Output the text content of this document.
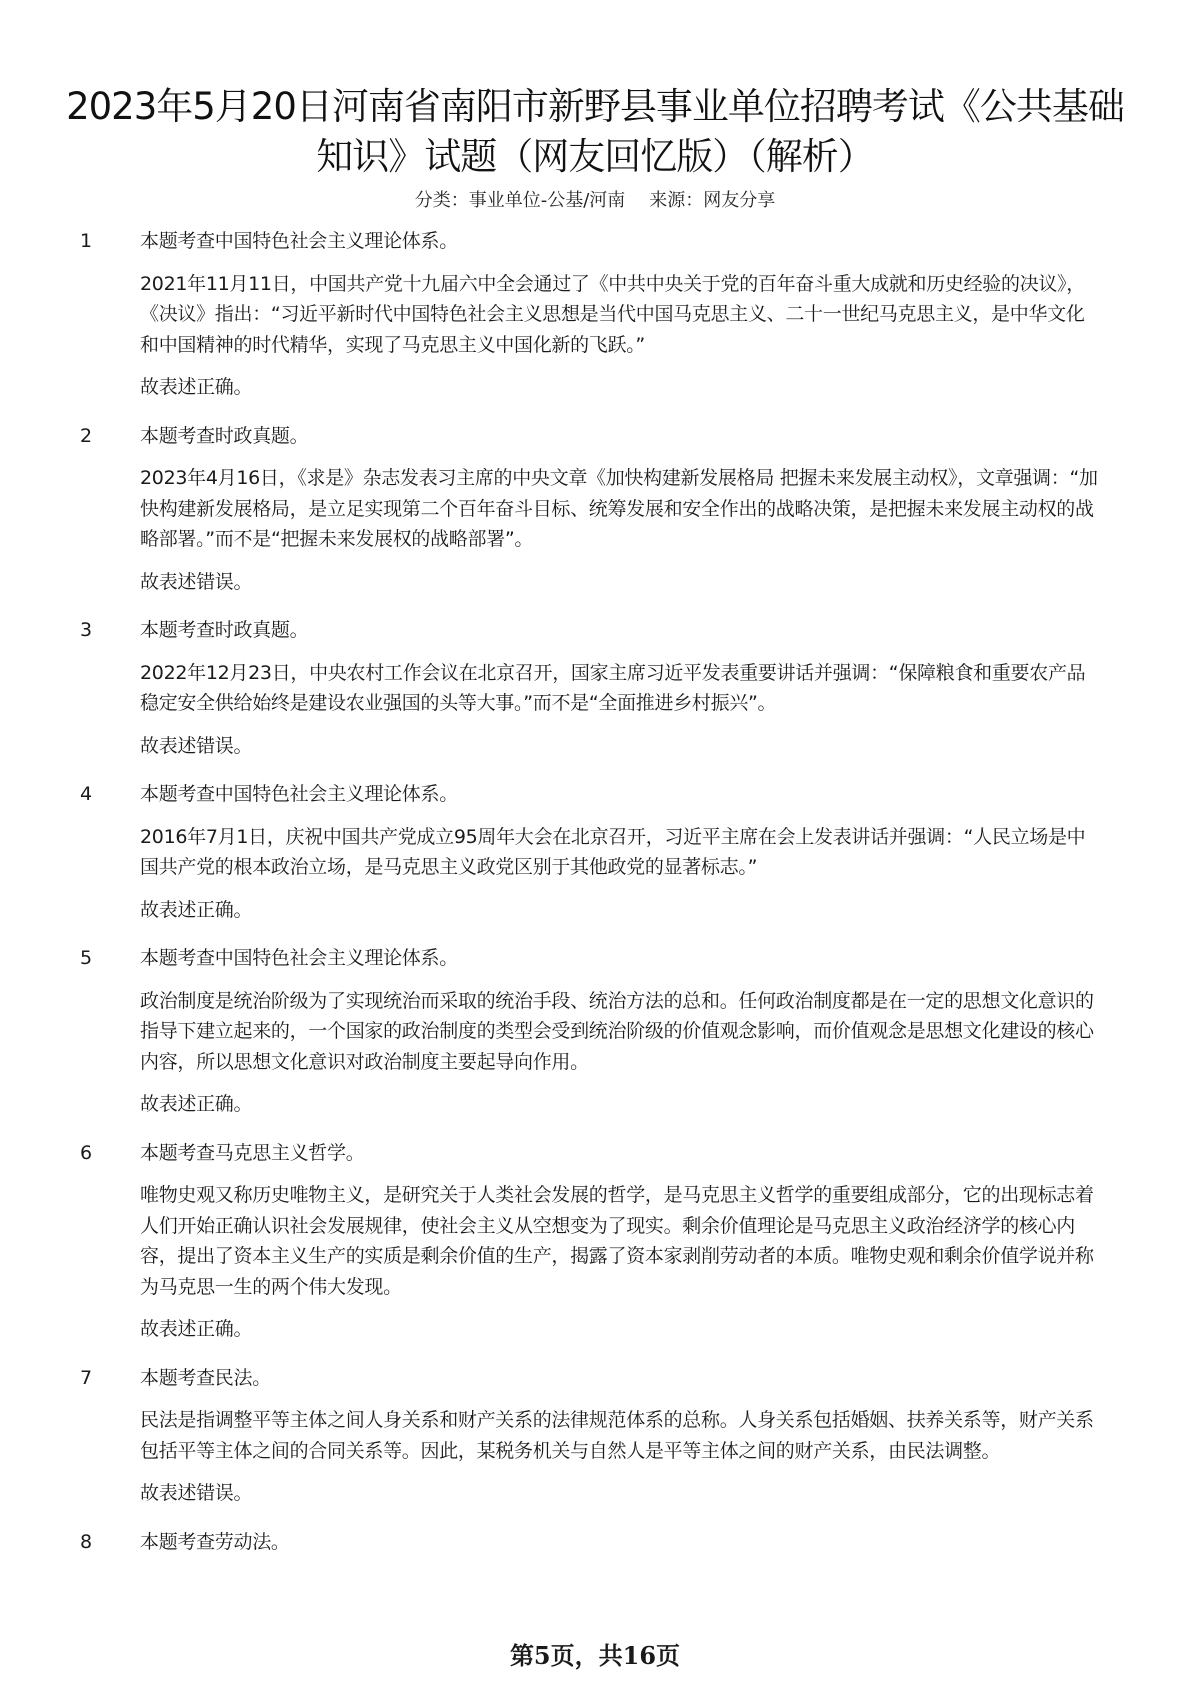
2023年5月20日河南省南阳市新野县事业单位招聘考试《公共基础知识》试题（网友回忆版）（解析）
分类：事业单位-公基/河南 来源：网友分享
1	本题考查中国特色社会主义理论体系。

2021年11月11日，中国共产党十九届六中全会通过了《中共中央关于党的百年奋斗重大成就和历史经验的决议》，《决议》指出：“习近平新时代中国特色社会主义思想是当代中国马克思主义、二十一世纪马克思主义，是中华文化和中国精神的时代精华，实现了马克思主义中国化新的飞跃。”

故表述正确。

2	本题考查时政真题。

2023年4月16日，《求是》杂志发表习主席的中央文章《加快构建新发展格局 把握未来发展主动权》，文章强调：“加快构建新发展格局，是立足实现第二个百年奋斗目标、统筹发展和安全作出的战略决策，是把握未来发展主动权的战略部署。”而不是“把握未来发展权的战略部署”。

故表述错误。

3	本题考查时政真题。

2022年12月23日，中央农村工作会议在北京召开，国家主席习近平发表重要讲话并强调：“保障粮食和重要农产品稳定安全供给始终是建设农业强国的头等大事。”而不是“全面推进乡村振兴”。

故表述错误。

4	本题考查中国特色社会主义理论体系。

2016年7月1日，庆祝中国共产党成立95周年大会在北京召开，习近平主席在会上发表讲话并强调：“人民立场是中国共产党的根本政治立场，是马克思主义政党区别于其他政党的显著标志。”

故表述正确。

5	本题考查中国特色社会主义理论体系。

政治制度是统治阶级为了实现统治而采取的统治手段、统治方法的总和。任何政治制度都是在一定的思想文化意识的指导下建立起来的，一个国家的政治制度的类型会受到统治阶级的价值观念影响，而价值观念是思想文化建设的核心内容，所以思想文化意识对政治制度主要起导向作用。

故表述正确。

6	本题考查马克思主义哲学。

唯物史观又称历史唯物主义，是研究关于人类社会发展的哲学，是马克思主义哲学的重要组成部分，它的出现标志着人们开始正确认识社会发展规律，使社会主义从空想变为了现实。剩余价值理论是马克思主义政治经济学的核心内容，提出了资本主义生产的实质是剩余价值的生产，揭露了资本家剥削劳动者的本质。唯物史观和剩余价值学说并称为马克思一生的两个伟大发现。

故表述正确。

7	本题考查民法。

民法是指调整平等主体之间人身关系和财产关系的法律规范体系的总称。人身关系包括婚姻、扶养关系等，财产关系包括平等主体之间的合同关系等。因此，某税务机关与自然人是平等主体之间的财产关系，由民法调整。

故表述错误。

8	本题考查劳动法。

第5页，共16页
